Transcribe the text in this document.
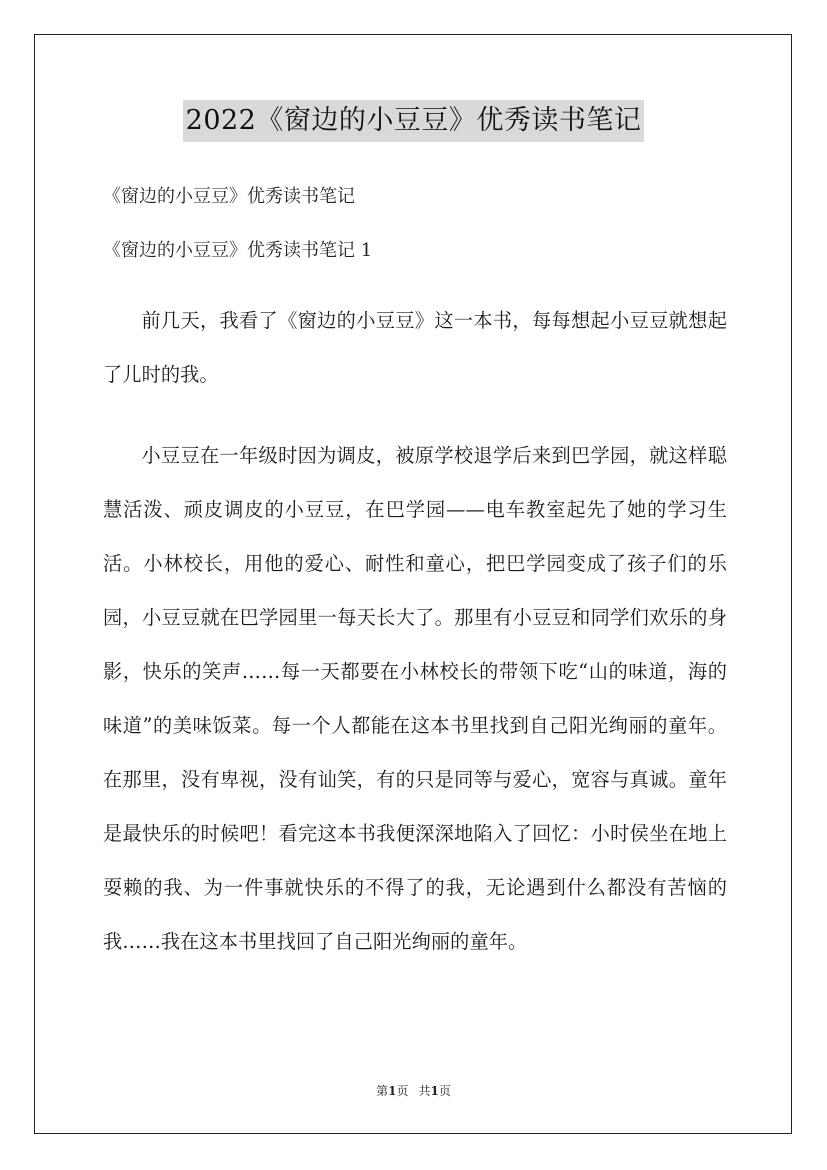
2022《窗边的小豆豆》优秀读书笔记
《窗边的小豆豆》优秀读书笔记
《窗边的小豆豆》优秀读书笔记 1

前几天，我看了《窗边的小豆豆》这一本书，每每想起小豆豆就想起了儿时的我。

小豆豆在一年级时因为调皮，被原学校退学后来到巴学园，就这样聪慧活泼、顽皮调皮的小豆豆，在巴学园——电车教室起先了她的学习生活。小林校长，用他的爱心、耐性和童心，把巴学园变成了孩子们的乐园，小豆豆就在巴学园里一每天长大了。那里有小豆豆和同学们欢乐的身影，快乐的笑声……每一天都要在小林校长的带领下吃“山的味道，海的味道”的美味饭菜。每一个人都能在这本书里找到自己阳光绚丽的童年。在那里，没有卑视，没有讪笑，有的只是同等与爱心，宽容与真诚。童年是最快乐的时候吧！看完这本书我便深深地陷入了回忆：小时侯坐在地上耍赖的我、为一件事就快乐的不得了的我，无论遇到什么都没有苦恼的我……我在这本书里找回了自己阳光绚丽的童年。

第1页 共1页
